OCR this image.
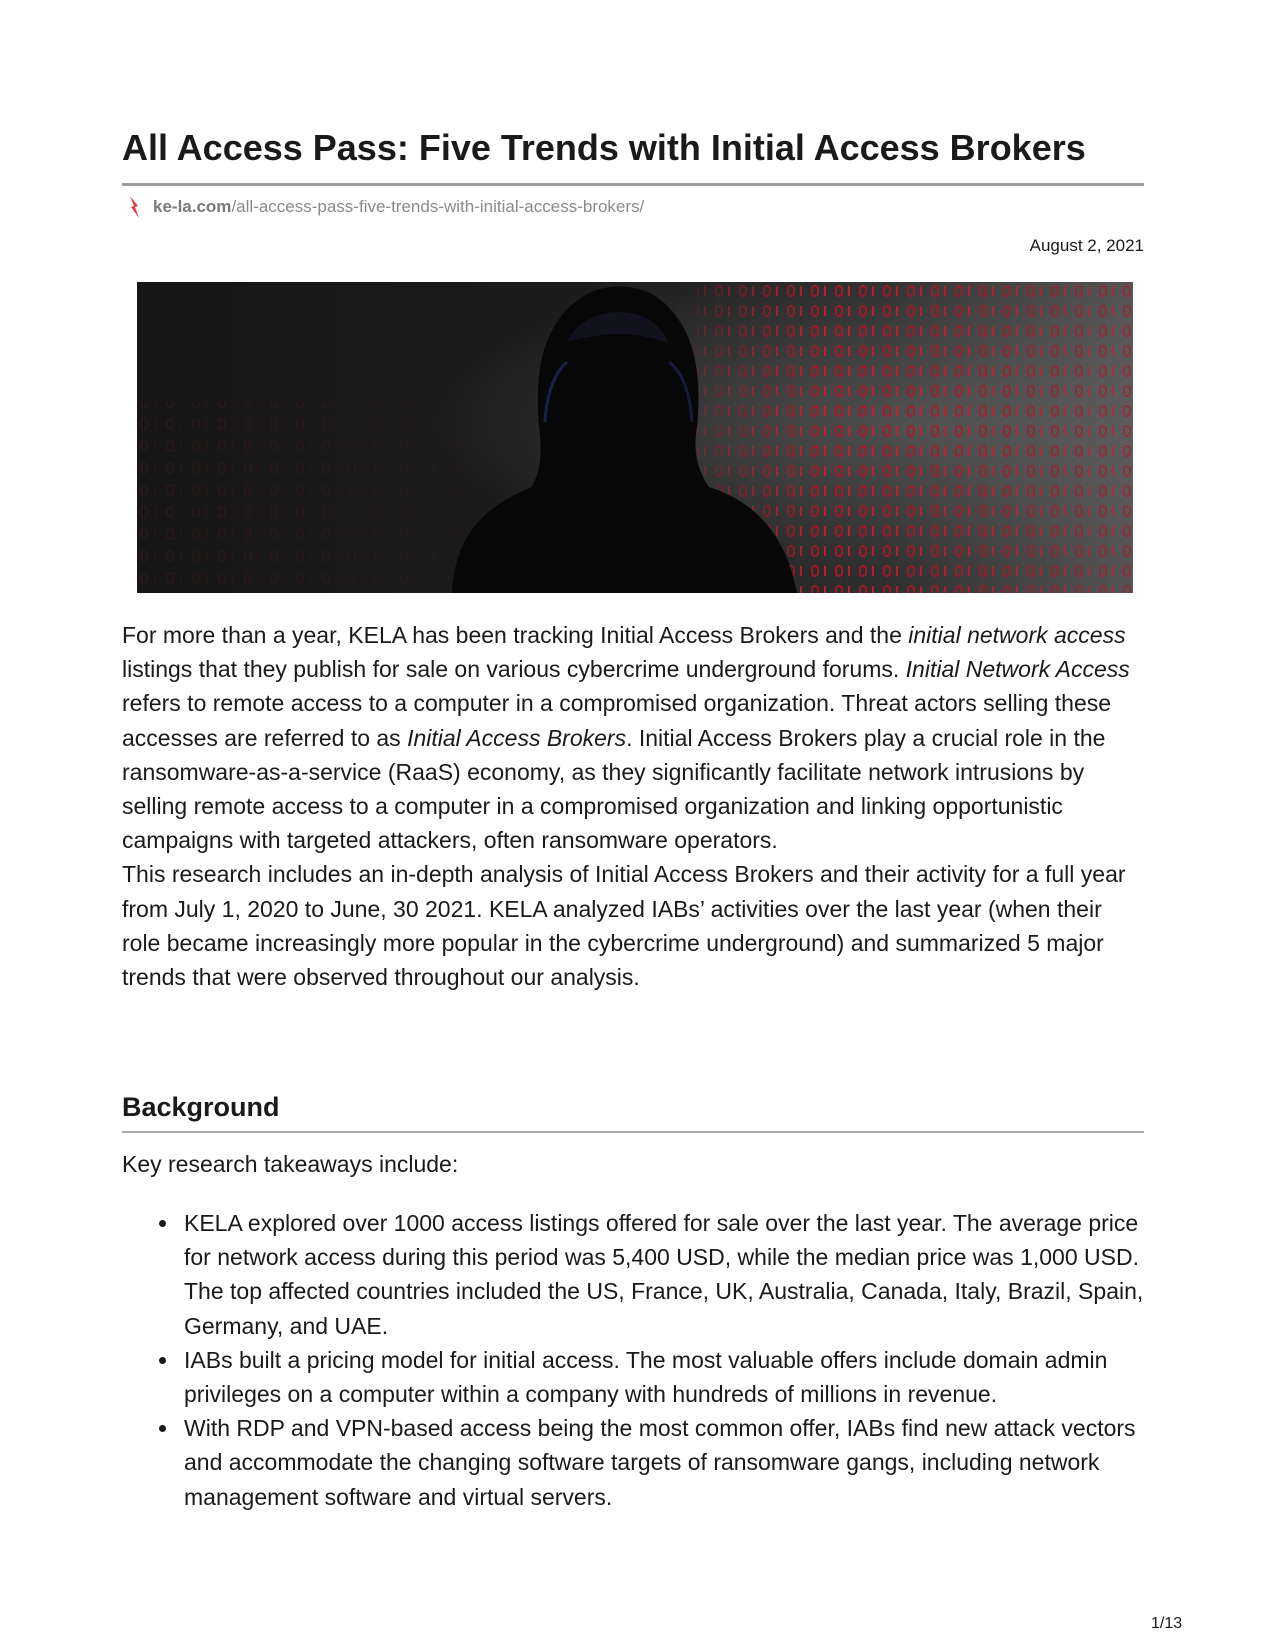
All Access Pass: Five Trends with Initial Access Brokers
ke-la.com /all-access-pass-five-trends-with-initial-access-brokers/
August 2, 2021

For more than a year, KELA has been tracking Initial Access Brokers and the initial network access listings that they publish for sale on various cybercrime underground forums. Initial Network Access refers to remote access to a computer in a compromised organization. Threat actors selling these accesses are referred to as Initial Access Brokers. Initial Access Brokers play a crucial role in the ransomware-as-a-service (RaaS) economy, as they significantly facilitate network intrusions by selling remote access to a computer in a compromised organization and linking opportunistic campaigns with targeted attackers, often ransomware operators.

This research includes an in-depth analysis of Initial Access Brokers and their activity for a full year from July 1, 2020 to June, 30 2021. KELA analyzed IABs’ activities over the last year (when their role became increasingly more popular in the cybercrime underground) and summarized 5 major trends that were observed throughout our analysis.

Background

Key research takeaways include:

KELA explored over 1000 access listings offered for sale over the last year. The average price for network access during this period was 5,400 USD, while the median price was 1,000 USD. The top affected countries included the US, France, UK, Australia, Canada, Italy, Brazil, Spain, Germany, and UAE.
IABs built a pricing model for initial access. The most valuable offers include domain admin privileges on a computer within a company with hundreds of millions in revenue.
With RDP and VPN-based access being the most common offer, IABs find new attack vectors and accommodate the changing software targets of ransomware gangs, including network management software and virtual servers.
1/13
